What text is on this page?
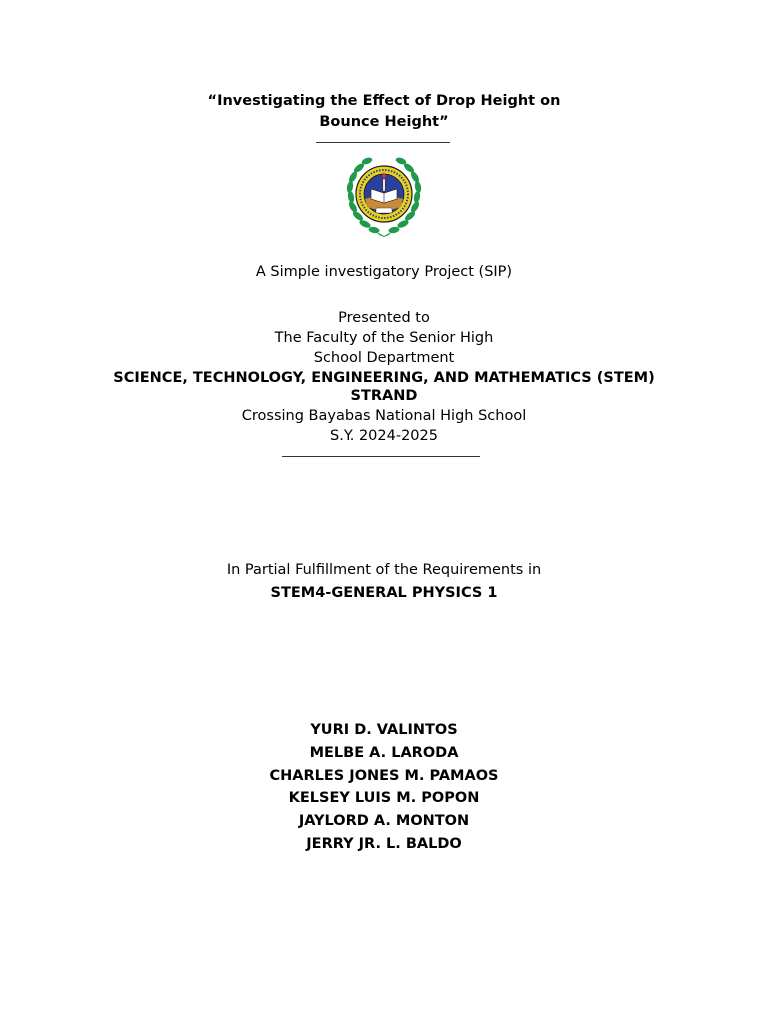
“Investigating the Effect of Drop Height on
Bounce Height”
A Simple investigatory Project (SIP)
Presented to
The Faculty of the Senior High
School Department
SCIENCE, TECHNOLOGY, ENGINEERING, AND MATHEMATICS (STEM)
STRAND
Crossing Bayabas National High School
S.Y. 2024-2025
In Partial Fulfillment of the Requirements in
STEM4-GENERAL PHYSICS 1
YURI D. VALINTOS
MELBE A. LARODA
CHARLES JONES M. PAMAOS
KELSEY LUIS M. POPON
JAYLORD A. MONTON
JERRY JR. L. BALDO
